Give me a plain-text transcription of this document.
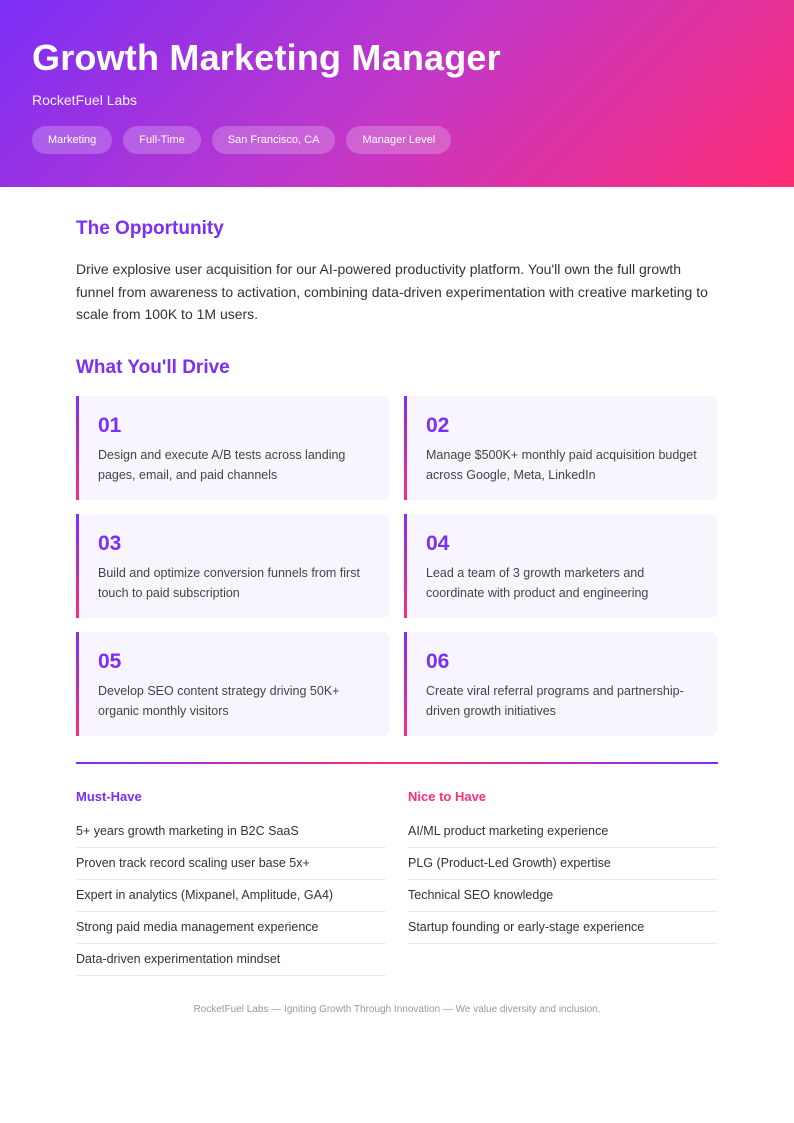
Growth Marketing Manager
RocketFuel Labs
Marketing	Full-Time	San Francisco, CA	Manager Level
The Opportunity

Drive explosive user acquisition for our AI-powered productivity platform. You'll own the full growth funnel from awareness to activation, combining data-driven experimentation with creative marketing to scale from 100K to 1M users.

What You'll Drive
01
Design and execute A/B tests across landing pages, email, and paid channels
02
Manage $500K+ monthly paid acquisition budget across Google, Meta, LinkedIn
03
Build and optimize conversion funnels from first touch to paid subscription
04
Lead a team of 3 growth marketers and coordinate with product and engineering
05
Develop SEO content strategy driving 50K+ organic monthly visitors
06
Create viral referral programs and partnership-driven growth initiatives
Must-Have
5+ years growth marketing in B2C SaaS
Proven track record scaling user base 5x+
Expert in analytics (Mixpanel, Amplitude, GA4)
Strong paid media management experience
Data-driven experimentation mindset
Nice to Have
AI/ML product marketing experience
PLG (Product-Led Growth) expertise
Technical SEO knowledge
Startup founding or early-stage experience
RocketFuel Labs — Igniting Growth Through Innovation — We value diversity and inclusion.
